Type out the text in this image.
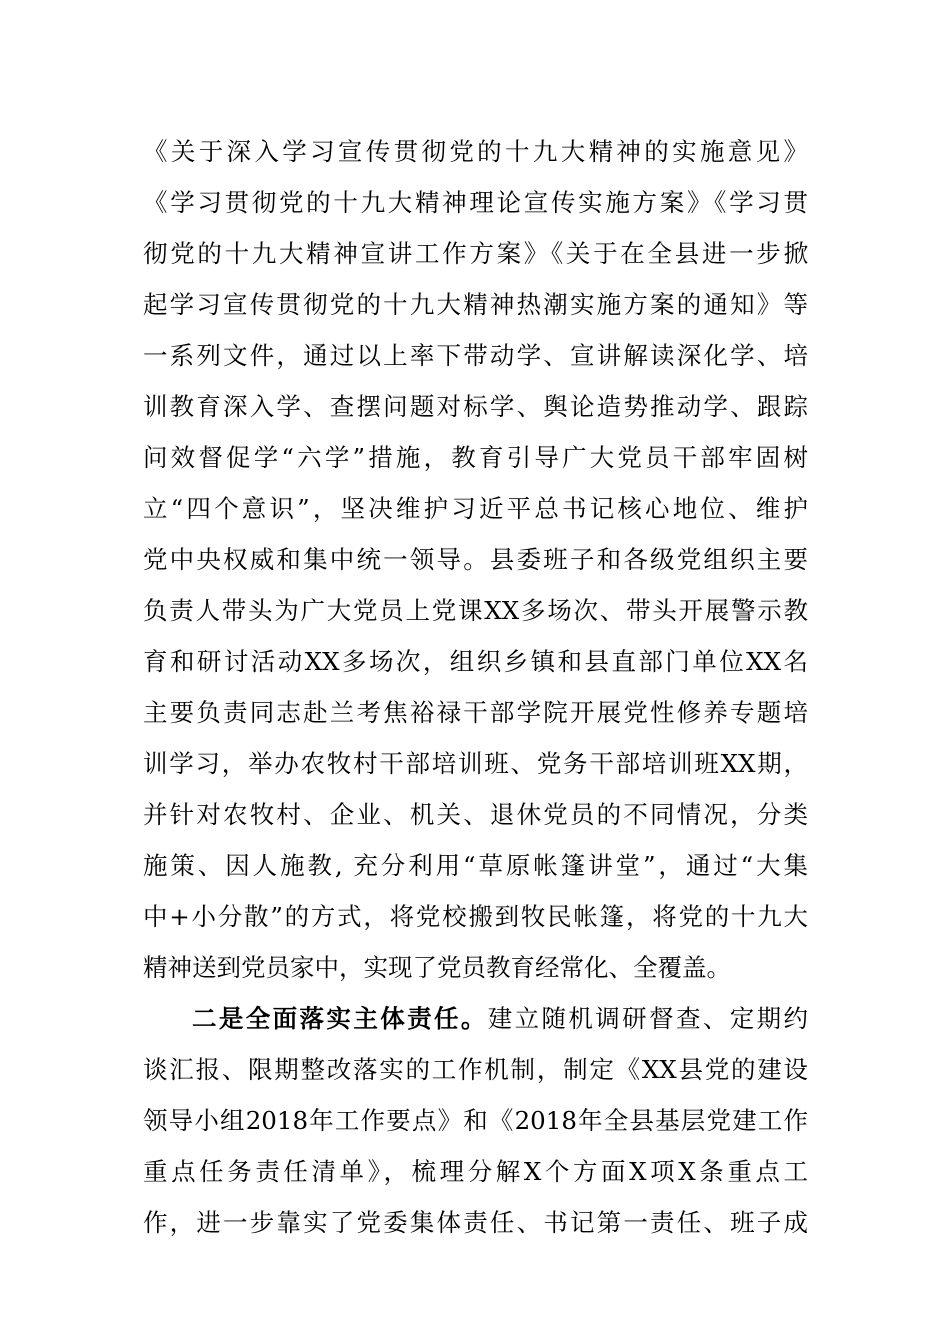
《关于深入学习宣传贯彻党的十九大精神的实施意见》
《学习贯彻党的十九大精神理论宣传实施方案》《学习贯
彻党的十九大精神宣讲工作方案》《关于在全县进一步掀
起学习宣传贯彻党的十九大精神热潮实施方案的通知》等
一系列文件，通过以上率下带动学、宣讲解读深化学、培
训教育深入学、查摆问题对标学、舆论造势推动学、跟踪
问效督促学“六学”措施，教育引导广大党员干部牢固树
立“四个意识”，坚决维护习近平总书记核心地位、维护
党中央权威和集中统一领导。县委班子和各级党组织主要
负责人带头为广大党员上党课XX多场次、带头开展警示教
育和研讨活动XX多场次，组织乡镇和县直部门单位XX名
主要负责同志赴兰考焦裕禄干部学院开展党性修养专题培
训学习，举办农牧村干部培训班、党务干部培训班XX期，
并针对农牧村、企业、机关、退休党员的不同情况，分类
施策、因人施教, 充分利用“草原帐篷讲堂”，通过“大集
中+小分散”的方式，将党校搬到牧民帐篷，将党的十九大
精神送到党员家中，实现了党员教育经常化、全覆盖。
二是全面落实主体责任。建立随机调研督查、定期约
谈汇报、限期整改落实的工作机制，制定《XX县党的建设
领导小组2018年工作要点》和《2018年全县基层党建工作
重点任务责任清单》，梳理分解X个方面X项X条重点工
作，进一步靠实了党委集体责任、书记第一责任、班子成
